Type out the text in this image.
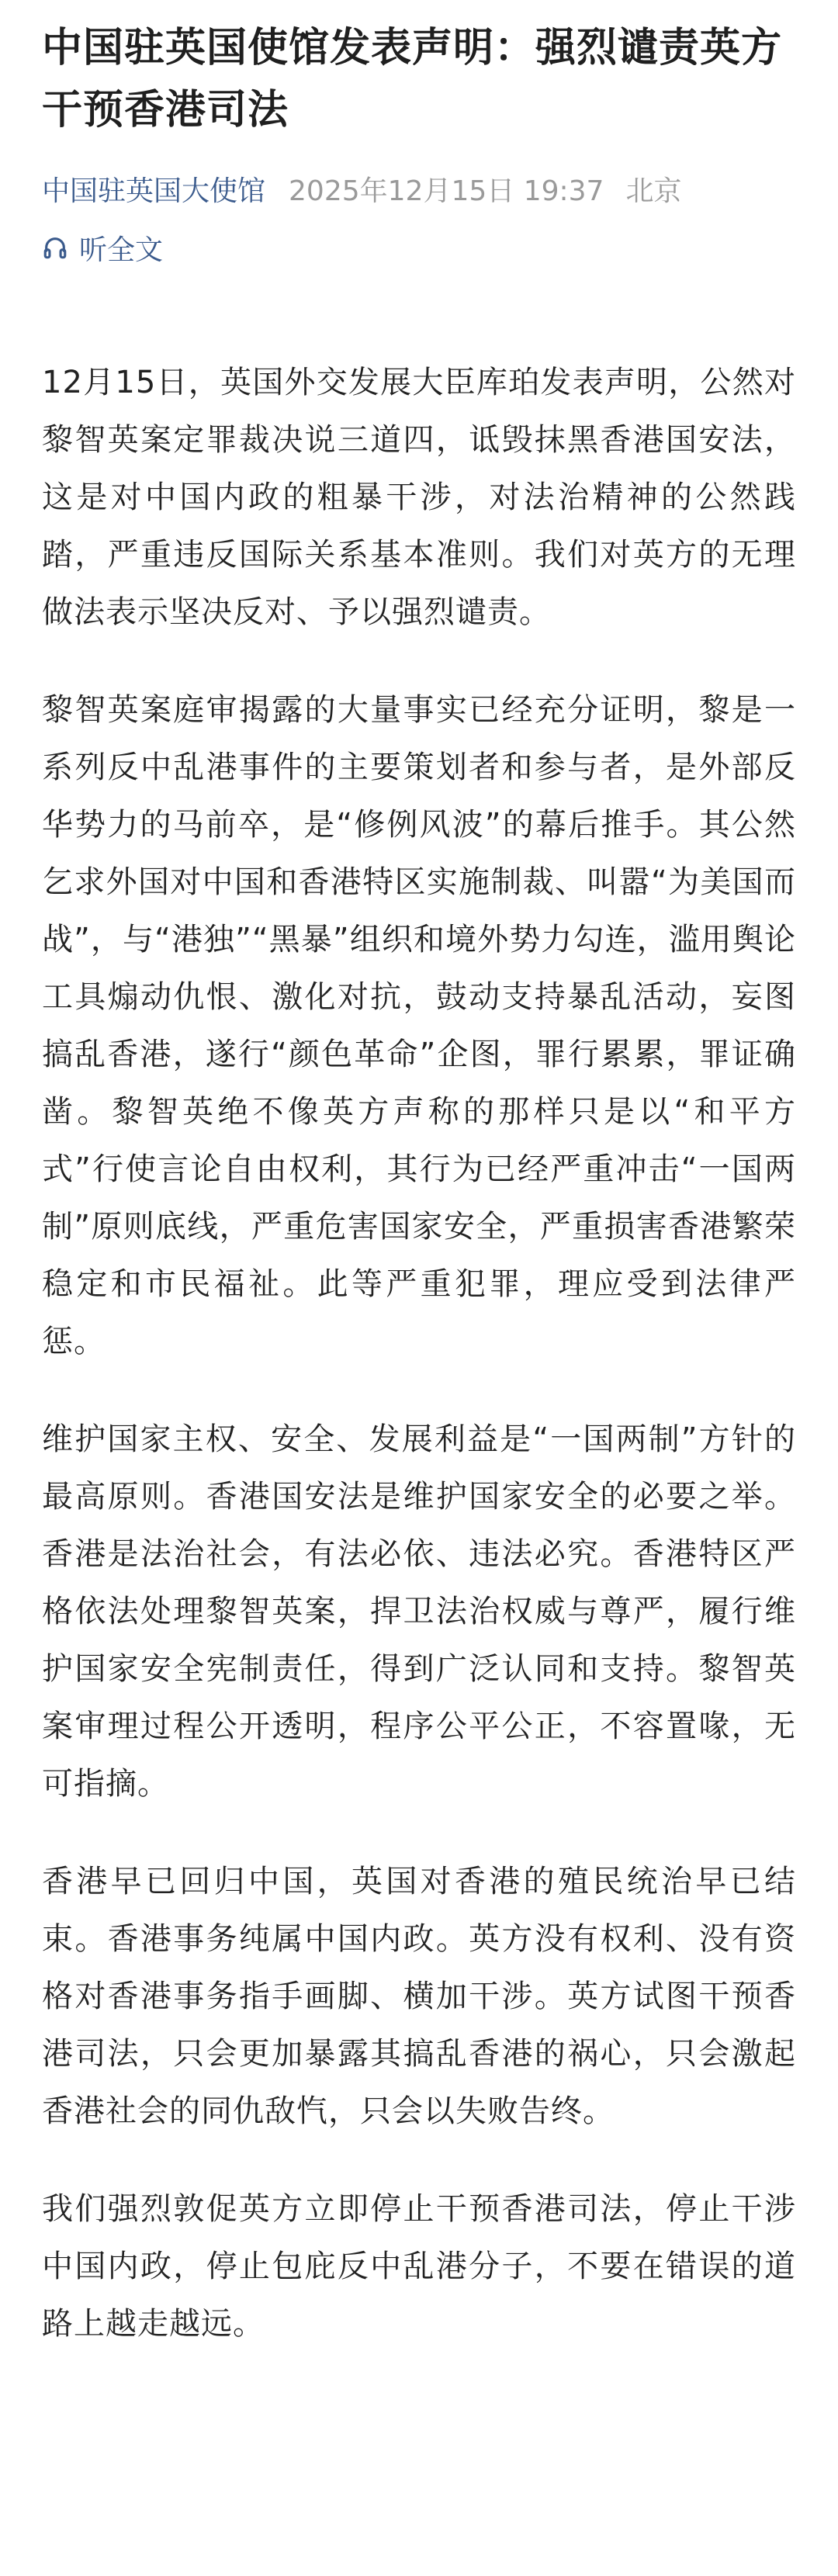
中国驻英国使馆发表声明：强烈谴责英方干预香港司法
中国驻英国大使馆 2025年12月15日 19:37 北京
听全文

12月15日，英国外交发展大臣库珀发表声明，公然对黎智英案定罪裁决说三道四，诋毁抹黑香港国安法，这是对中国内政的粗暴干涉，对法治精神的公然践踏，严重违反国际关系基本准则。我们对英方的无理做法表示坚决反对、予以强烈谴责。

黎智英案庭审揭露的大量事实已经充分证明，黎是一系列反中乱港事件的主要策划者和参与者，是外部反华势力的马前卒，是“修例风波”的幕后推手。其公然乞求外国对中国和香港特区实施制裁、叫嚣“为美国而战”，与“港独”“黑暴”组织和境外势力勾连，滥用舆论工具煽动仇恨、激化对抗，鼓动支持暴乱活动，妄图搞乱香港，遂行“颜色革命”企图，罪行累累，罪证确凿。黎智英绝不像英方声称的那样只是以“和平方式”行使言论自由权利，其行为已经严重冲击“一国两制”原则底线，严重危害国家安全，严重损害香港繁荣稳定和市民福祉。此等严重犯罪，理应受到法律严惩。

维护国家主权、安全、发展利益是“一国两制”方针的最高原则。香港国安法是维护国家安全的必要之举。香港是法治社会，有法必依、违法必究。香港特区严格依法处理黎智英案，捍卫法治权威与尊严，履行维护国家安全宪制责任，得到广泛认同和支持。黎智英案审理过程公开透明，程序公平公正，不容置喙，无可指摘。

香港早已回归中国，英国对香港的殖民统治早已结束。香港事务纯属中国内政。英方没有权利、没有资格对香港事务指手画脚、横加干涉。英方试图干预香港司法，只会更加暴露其搞乱香港的祸心，只会激起香港社会的同仇敌忾，只会以失败告终。

我们强烈敦促英方立即停止干预香港司法，停止干涉中国内政，停止包庇反中乱港分子，不要在错误的道路上越走越远。
